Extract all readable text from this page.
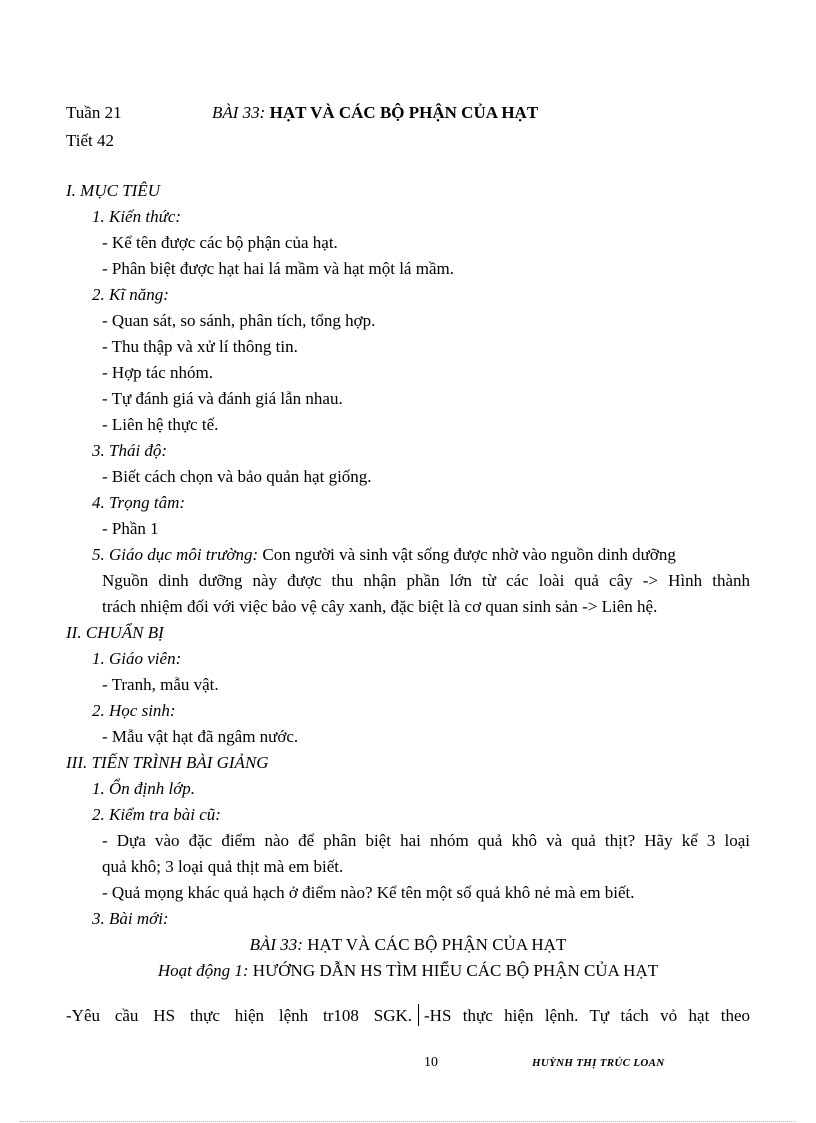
Tuần 21
Tiết 42
BÀI 33: HẠT VÀ CÁC BỘ PHẬN CỦA HẠT
I. MỤC TIÊU
1. Kiến thức:
- Kể tên được các bộ phận của hạt.
- Phân biệt được hạt hai lá mầm và hạt một lá mầm.
2. Kĩ năng:
- Quan sát, so sánh, phân tích, tổng hợp.
- Thu thập và xử lí thông tin.
- Hợp tác nhóm.
- Tự đánh giá và đánh giá lẫn nhau.
- Liên hệ thực tế.
3. Thái độ:
- Biết cách chọn và bảo quản hạt giống.
4. Trọng tâm:
- Phần 1
5. Giáo dục môi trường: Con người và sinh vật sống được nhờ vào nguồn dinh dưỡng
Nguồn dinh dưỡng này được thu nhận phần lớn từ các loài quả cây -> Hình thành
trách nhiệm đối với việc bảo vệ cây xanh, đặc biệt là cơ quan sinh sản -> Liên hệ.
II. CHUẨN BỊ
1. Giáo viên:
- Tranh, mẫu vật.
2. Học sinh:
- Mẫu vật hạt đã ngâm nước.
III. TIẾN TRÌNH BÀI GIẢNG
1. Ổn định lớp.
2. Kiểm tra bài cũ:
- Dựa vào đặc điểm nào để phân biệt hai nhóm quả khô và quả thịt? Hãy kể 3 loại
quả khô; 3 loại quả thịt mà em biết.
- Quả mọng khác quả hạch ở điểm nào? Kể tên một số quả khô nẻ mà em biết.
3. Bài mới:
BÀI 33: HẠT VÀ CÁC BỘ PHẬN CỦA HẠT
Hoạt động 1: HƯỚNG DẪN HS TÌM HIỂU CÁC BỘ PHẬN CỦA HẠT
-Yêu cầu HS thực hiện lệnh tr108 SGK. -HS thực hiện lệnh. Tự tách vỏ hạt theo
10	HUỲNH THỊ TRÚC LOAN
